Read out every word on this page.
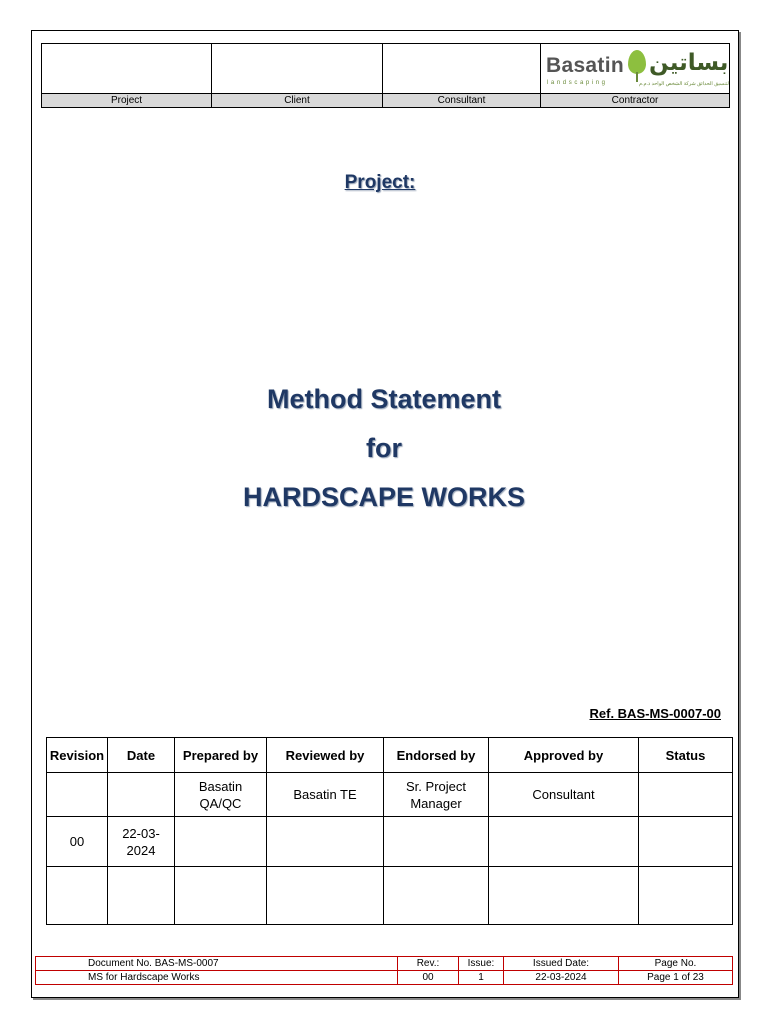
			Basatin
landscaping
بساتين
لتنسيق الحدائق شركة الشخص الواحد ذ.م.م

Project	Client	Consultant	Contractor
Project:
Method Statement
for
HARDSCAPE WORKS
Ref. BAS-MS-0007-00
Revision	Date	Prepared by	Reviewed by	Endorsed by	Approved by	Status
		Basatin QA/QC	Basatin TE	Sr. Project Manager	Consultant	
00	22-03-2024					

Document No. BAS-MS-0007	Rev.:	Issue:	Issued Date:	Page No.
MS for Hardscape Works	00	1	22-03-2024	Page 1 of 23
